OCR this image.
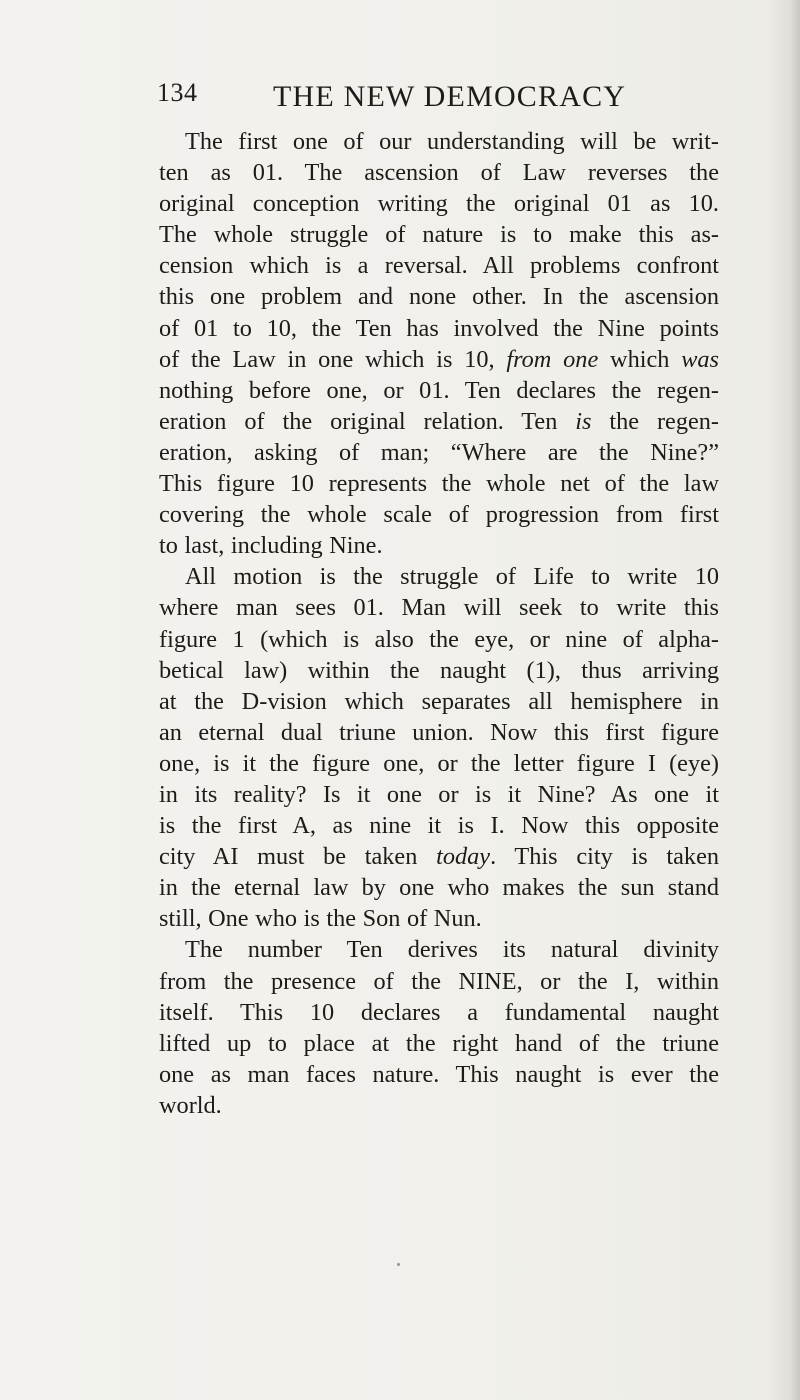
134	THE NEW DEMOCRACY
The first one of our understanding will be writ-
ten as 01. The ascension of Law reverses the
original conception writing the original 01 as 10.
The whole struggle of nature is to make this as-
cension which is a reversal. All problems confront
this one problem and none other. In the ascension
of 01 to 10, the Ten has involved the Nine points
of the Law in one which is 10, from one which was
nothing before one, or 01. Ten declares the regen-
eration of the original relation. Ten is the regen-
eration, asking of man; “Where are the Nine?”
This figure 10 represents the whole net of the law
covering the whole scale of progression from first
to last, including Nine.
All motion is the struggle of Life to write 10
where man sees 01. Man will seek to write this
figure 1 (which is also the eye, or nine of alpha-
betical law) within the naught (1), thus arriving
at the D-vision which separates all hemisphere in
an eternal dual triune union. Now this first figure
one, is it the figure one, or the letter figure I (eye)
in its reality? Is it one or is it Nine? As one it
is the first A, as nine it is I. Now this opposite
city AI must be taken today. This city is taken
in the eternal law by one who makes the sun stand
still, One who is the Son of Nun.
The number Ten derives its natural divinity
from the presence of the NINE, or the I, within
itself. This 10 declares a fundamental naught
lifted up to place at the right hand of the triune
one as man faces nature. This naught is ever the
world.
